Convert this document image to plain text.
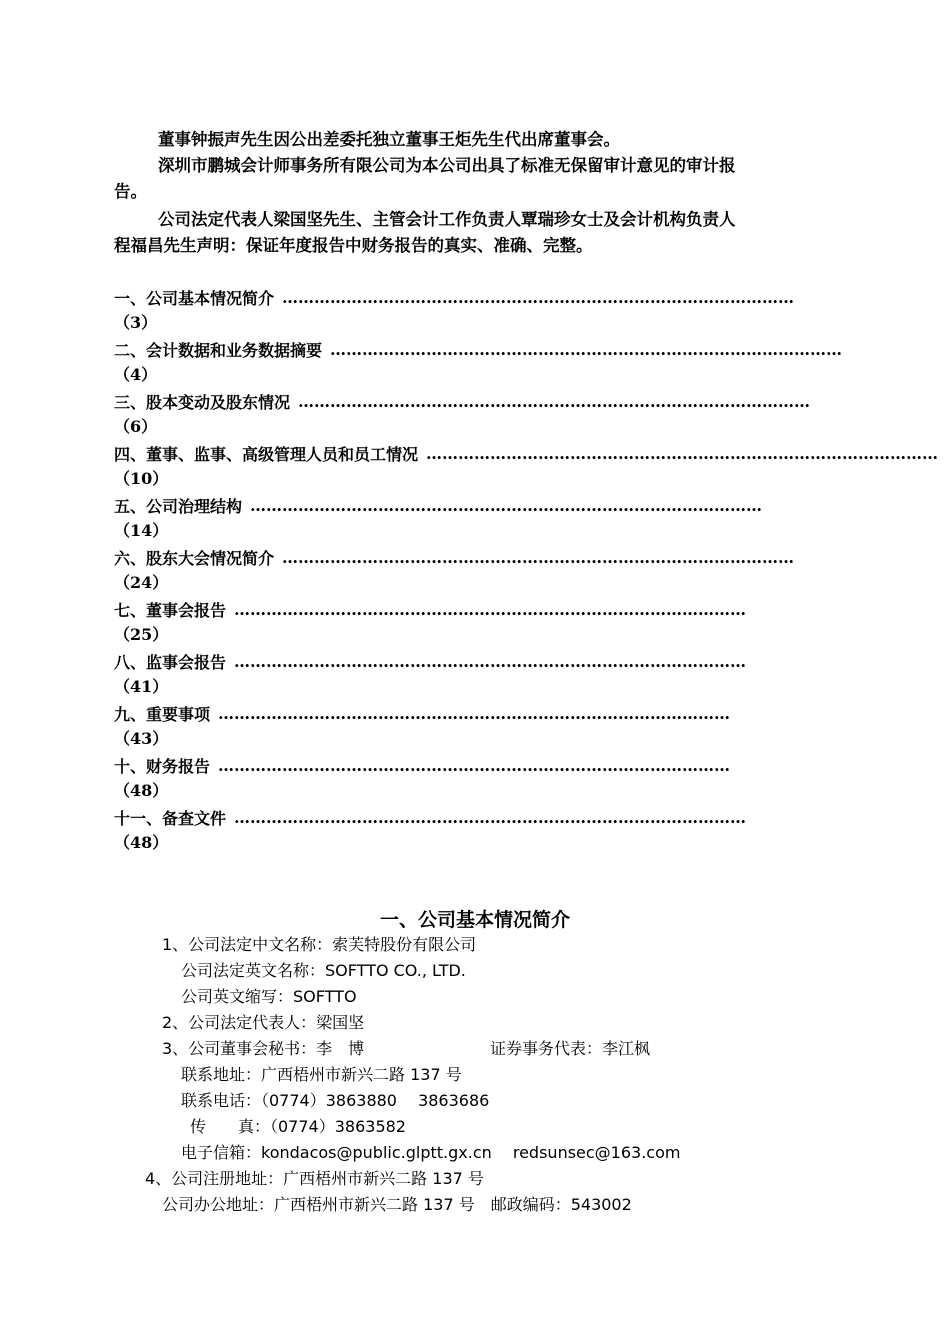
董事钟振声先生因公出差委托独立董事王炬先生代出席董事会。
深圳市鹏城会计师事务所有限公司为本公司出具了标准无保留审计意见的审计报
告。
公司法定代表人梁国坚先生、主管会计工作负责人覃瑞珍女士及会计机构负责人
程福昌先生声明：保证年度报告中财务报告的真实、准确、完整。
一、公司基本情况简介 ……………………………………………………………………………………
（3）
二、会计数据和业务数据摘要 ……………………………………………………………………………………
（4）
三、股本变动及股东情况 ……………………………………………………………………………………
（6）
四、董事、监事、高级管理人员和员工情况 ……………………………………………………………………………………
（10）
五、公司治理结构 ……………………………………………………………………………………
（14）
六、股东大会情况简介 ……………………………………………………………………………………
（24）
七、董事会报告 ……………………………………………………………………………………
（25）
八、监事会报告 ……………………………………………………………………………………
（41）
九、重要事项 ……………………………………………………………………………………
（43）
十、财务报告 ……………………………………………………………………………………
（48）
十一、备查文件 ……………………………………………………………………………………
（48）
一、公司基本情况简介
1、公司法定中文名称：索芙特股份有限公司
公司法定英文名称：SOFTTO CO., LTD.
公司英文缩写：SOFTTO
2、公司法定代表人：梁国坚
3、公司董事会秘书：李　博	证券事务代表：李江枫
联系地址：广西梧州市新兴二路 137 号
联系电话：（0774）3863880　 3863686
传　　真：（0774）3863582
电子信箱：kondacos@public.glptt.gx.cn　 redsunsec@163.com
4、公司注册地址：广西梧州市新兴二路 137 号
公司办公地址：广西梧州市新兴二路 137 号　邮政编码：543002
